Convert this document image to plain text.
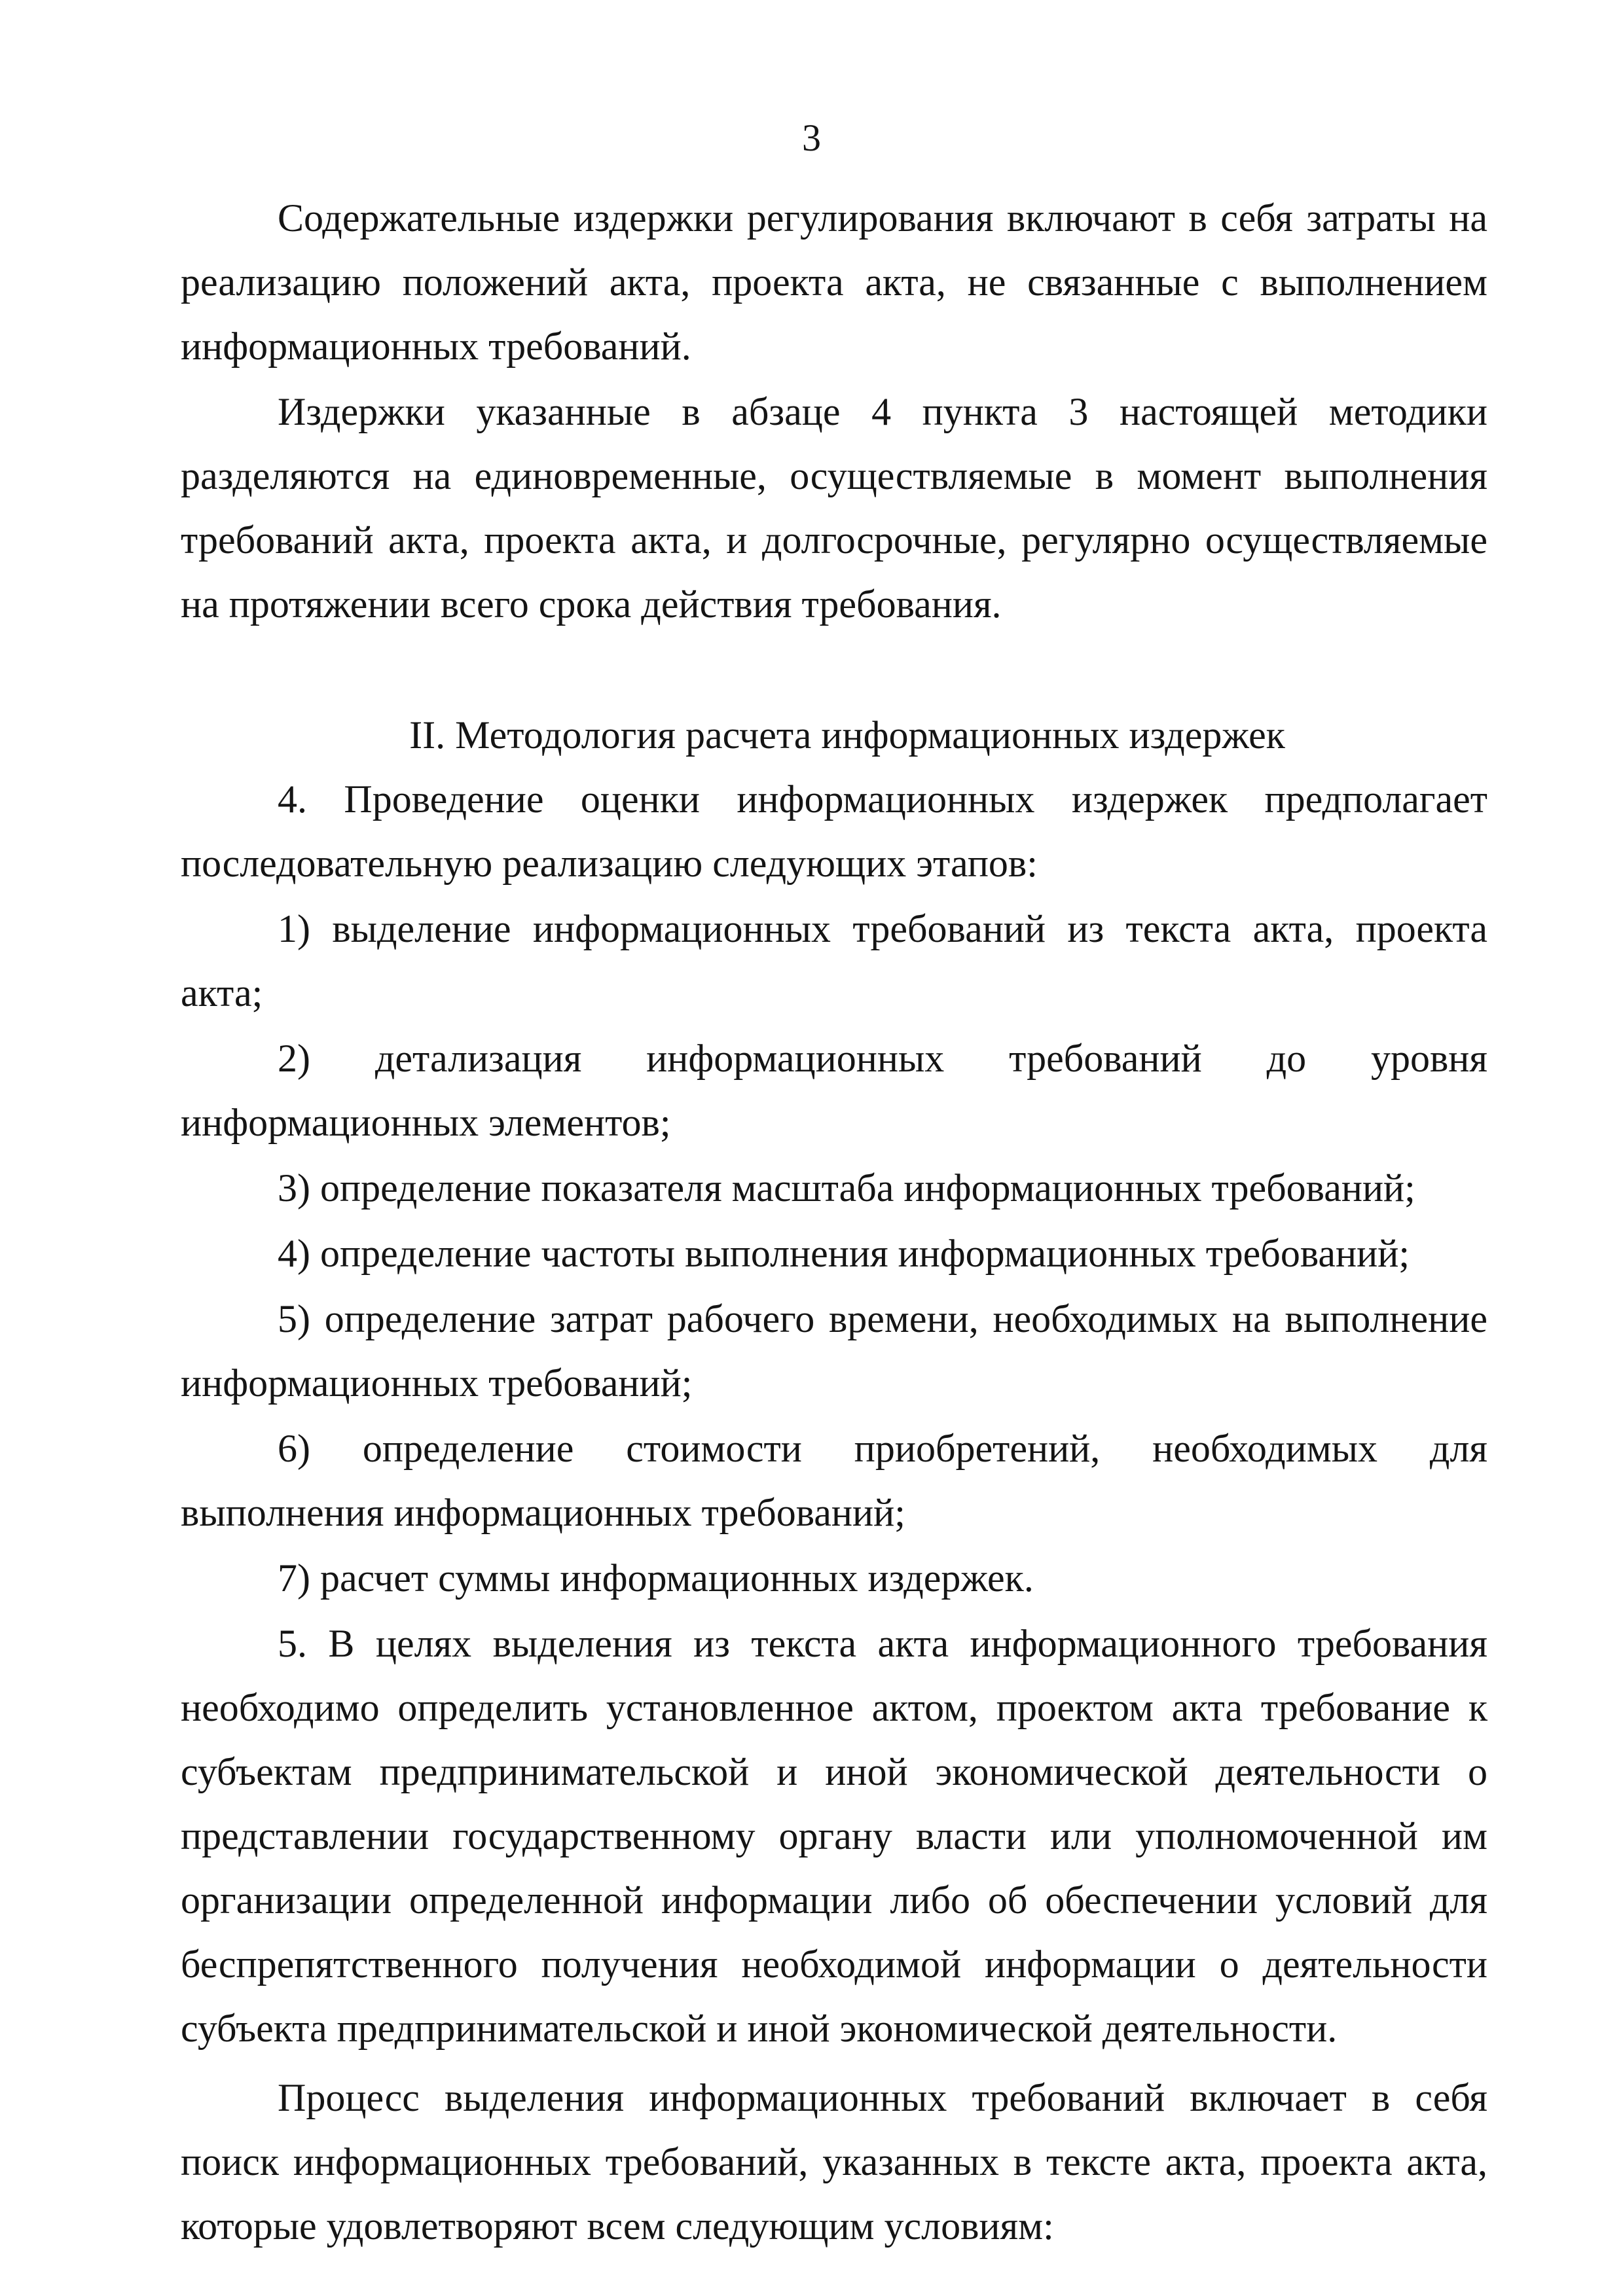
3

Содержательные издержки регулирования включают в себя затраты на реализацию положений акта, проекта акта, не связанные с выполнением информационных требований.

Издержки указанные в абзаце 4 пункта 3 настоящей методики разделяются на единовременные, осуществляемые в момент выполнения требований акта, проекта акта, и долгосрочные, регулярно осуществляемые на протяжении всего срока действия требования.

II. Методология расчета информационных издержек

4. Проведение оценки информационных издержек предполагает последовательную реализацию следующих этапов:

1) выделение информационных требований из текста акта, проекта акта;

2) детализация информационных требований до уровня информационных элементов;

3) определение показателя масштаба информационных требований;

4) определение частоты выполнения информационных требований;

5) определение затрат рабочего времени, необходимых на выполнение информационных требований;

6) определение стоимости приобретений, необходимых для выполнения информационных требований;

7) расчет суммы информационных издержек.

5. В целях выделения из текста акта информационного требования необходимо определить установленное актом, проектом акта требование к субъектам предпринимательской и иной экономической деятельности о представлении государственному органу власти или уполномоченной им организации определенной информации либо об обеспечении условий для беспрепятственного получения необходимой информации о деятельности субъекта предпринимательской и иной экономической деятельности.

Процесс выделения информационных требований включает в себя поиск информационных требований, указанных в тексте акта, проекта акта, которые удовлетворяют всем следующим условиям:
